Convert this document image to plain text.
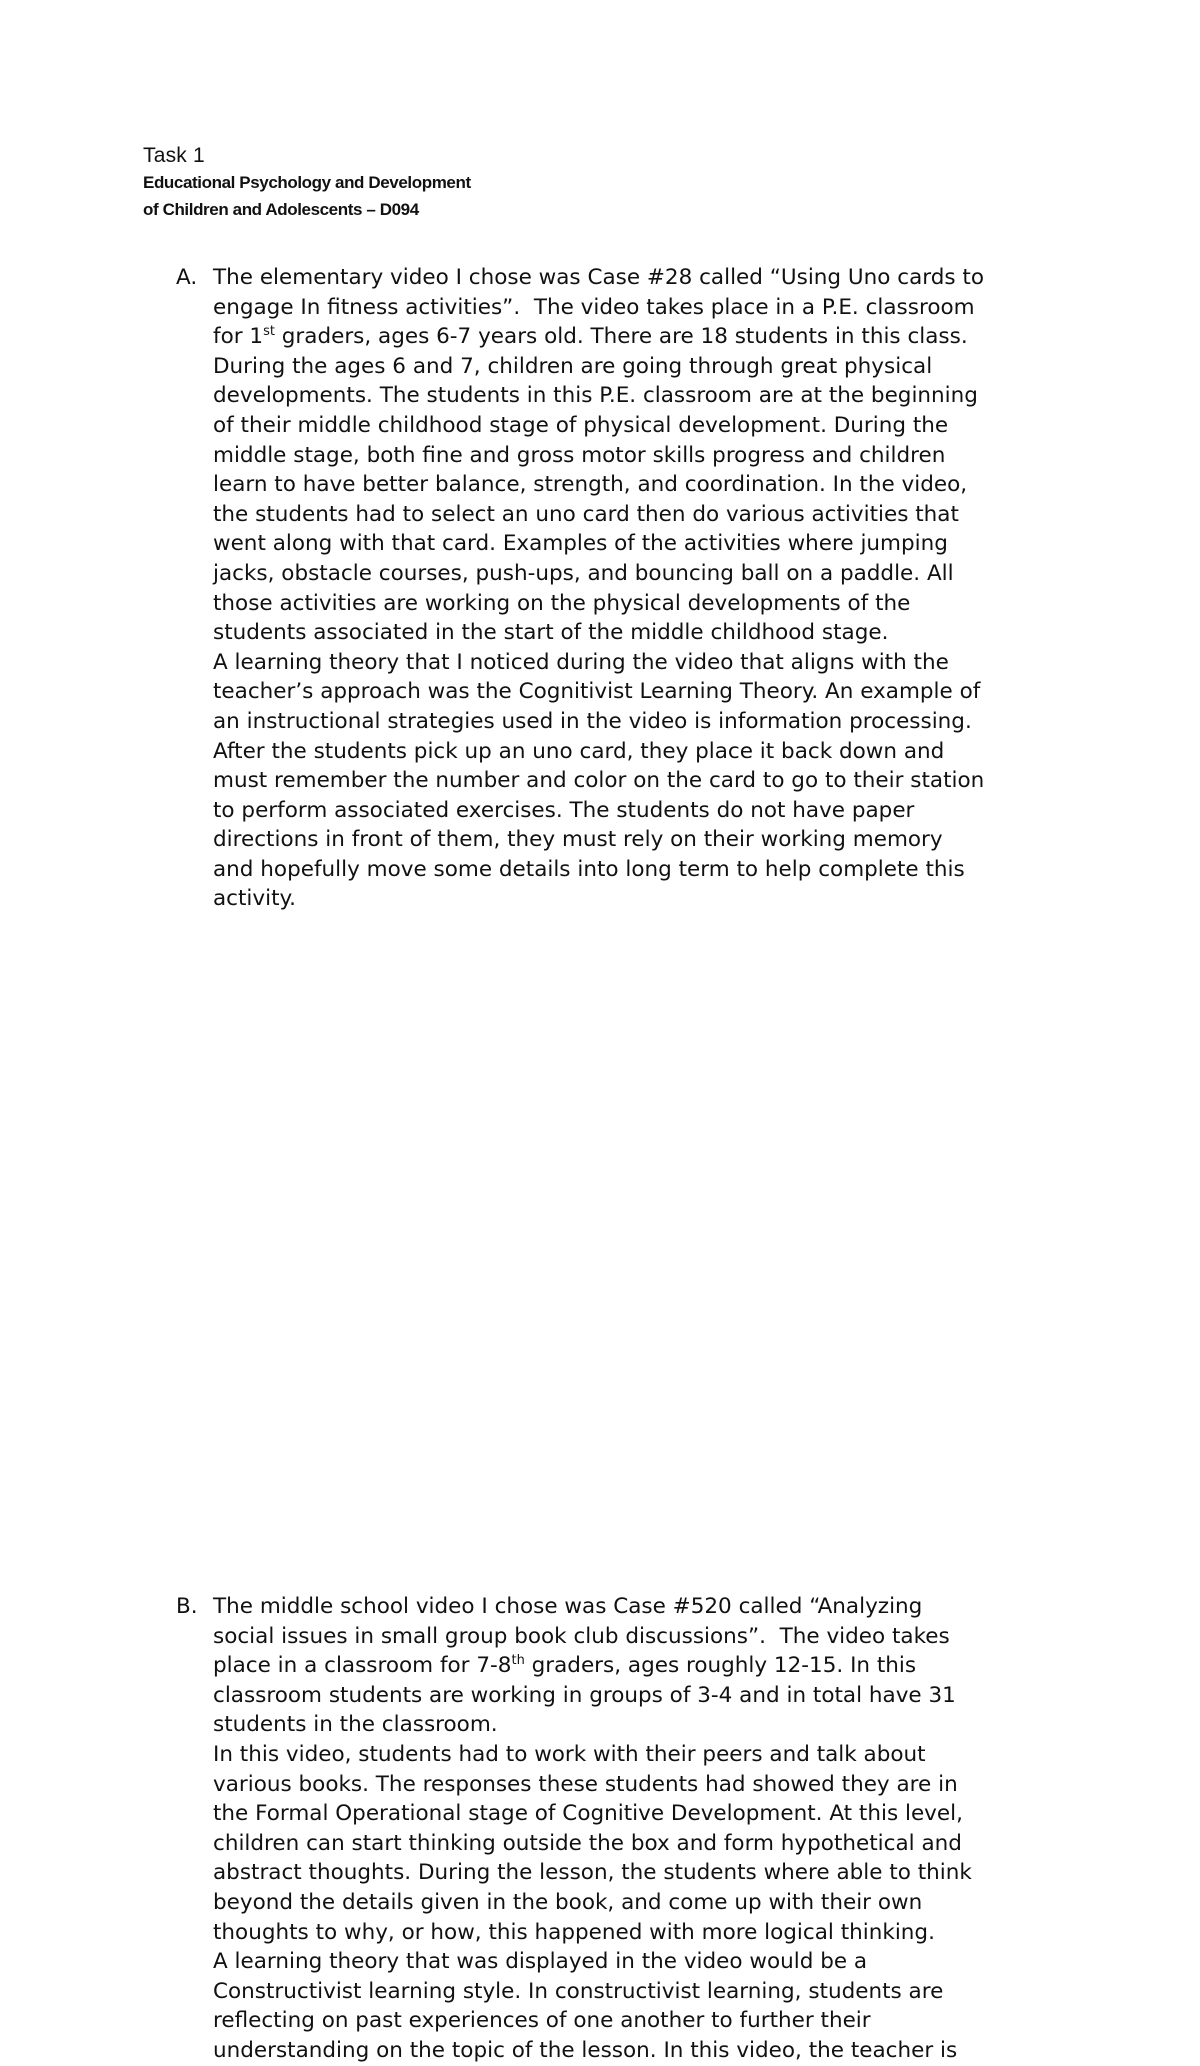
Task 1
Educational Psychology and Development
of Children and Adolescents – D094
A. The elementary video I chose was Case #28 called “Using Uno cards to
engage In fitness activities”.  The video takes place in a P.E. classroom
for 1st graders, ages 6-7 years old. There are 18 students in this class.
During the ages 6 and 7, children are going through great physical
developments. The students in this P.E. classroom are at the beginning
of their middle childhood stage of physical development. During the
middle stage, both fine and gross motor skills progress and children
learn to have better balance, strength, and coordination. In the video,
the students had to select an uno card then do various activities that
went along with that card. Examples of the activities where jumping
jacks, obstacle courses, push-ups, and bouncing ball on a paddle. All
those activities are working on the physical developments of the
students associated in the start of the middle childhood stage.
A learning theory that I noticed during the video that aligns with the
teacher’s approach was the Cognitivist Learning Theory. An example of
an instructional strategies used in the video is information processing.
After the students pick up an uno card, they place it back down and
must remember the number and color on the card to go to their station
to perform associated exercises. The students do not have paper
directions in front of them, they must rely on their working memory
and hopefully move some details into long term to help complete this
activity.
B. The middle school video I chose was Case #520 called “Analyzing
social issues in small group book club discussions”.  The video takes
place in a classroom for 7-8th graders, ages roughly 12-15. In this
classroom students are working in groups of 3-4 and in total have 31
students in the classroom.
In this video, students had to work with their peers and talk about
various books. The responses these students had showed they are in
the Formal Operational stage of Cognitive Development. At this level,
children can start thinking outside the box and form hypothetical and
abstract thoughts. During the lesson, the students where able to think
beyond the details given in the book, and come up with their own
thoughts to why, or how, this happened with more logical thinking.
A learning theory that was displayed in the video would be a
Constructivist learning style. In constructivist learning, students are
reflecting on past experiences of one another to further their
understanding on the topic of the lesson. In this video, the teacher is
